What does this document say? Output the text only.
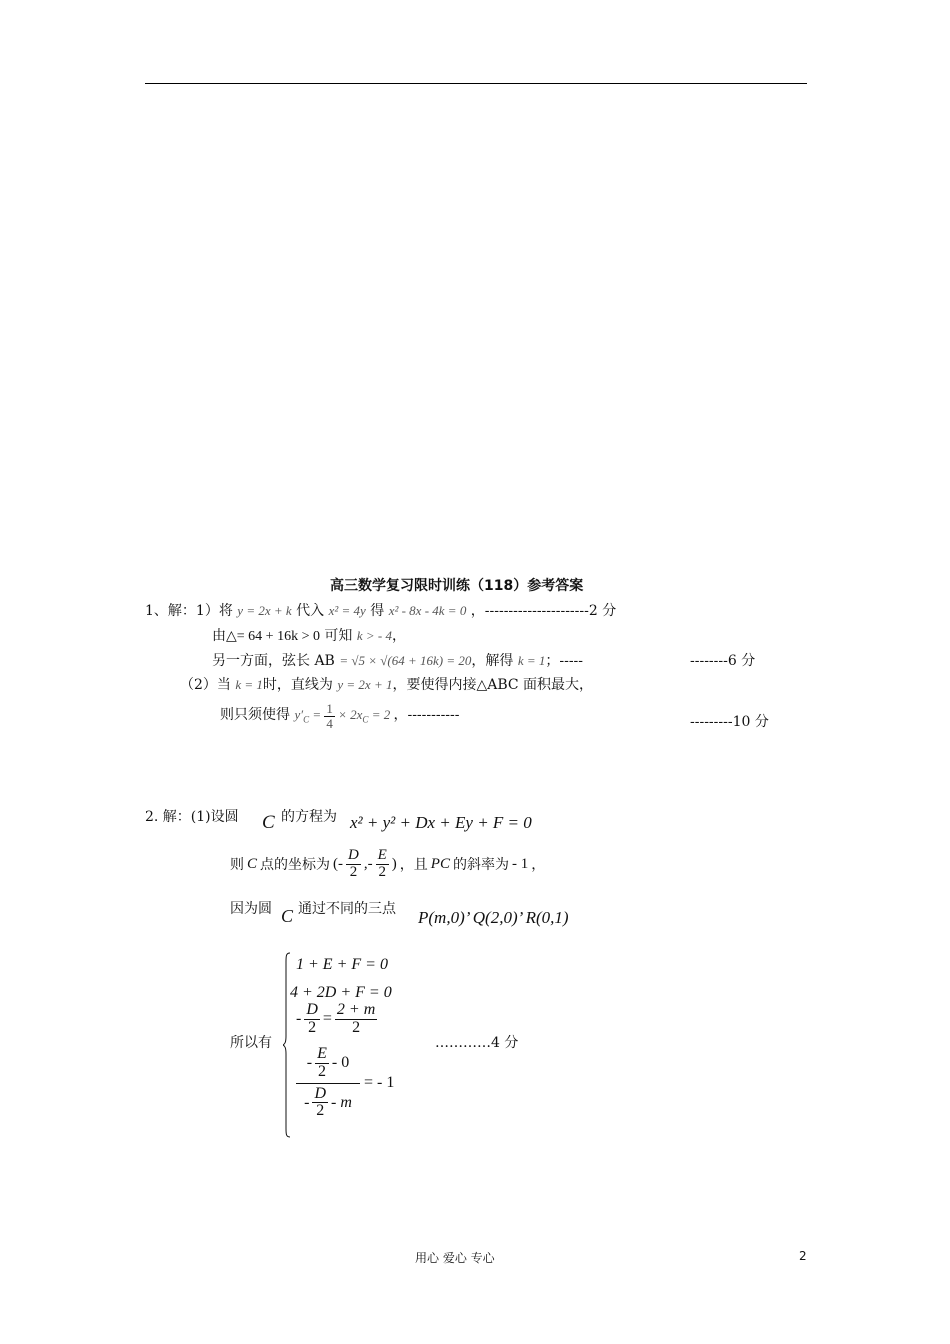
高三数学复习限时训练（118）参考答案
1、解：1）将 y = 2x + k 代入 x² = 4y 得 x² - 8x - 4k = 0 ，----------------------2 分
由△= 64 + 16k > 0 可知 k > - 4，
另一方面，弦长 AB = √5 × √(64 + 16k) = 20，解得 k = 1；-----	--------6 分
（2）当 k = 1时，直线为 y = 2x + 1，要使得内接△ABC 面积最大，
则只须使得 $y'_C = \frac{1}{4} \times 2x_C = 2$ ，-----------	---------10 分
2. 解：(1)设圆 C 的方程为 x² + y² + Dx + Ey + F = 0
则 C 点的坐标为 (- $\frac{D}{2}$ ,- $\frac{E}{2}$ ) ，且 PC 的斜率为 - 1 ，
因为圆 C 通过不同的三点 P(m,0)’ Q(2,0)’ R(0,1)
所以有
1 + E + F = 0
4 + 2D + F = 0
- $\frac{D}{2} = \frac{2 + m}{2}$
$\frac{- \frac{E}{2} - 0}{- \frac{D}{2} - m}$ = - 1
…………4 分
用心 爱心 专心	2
